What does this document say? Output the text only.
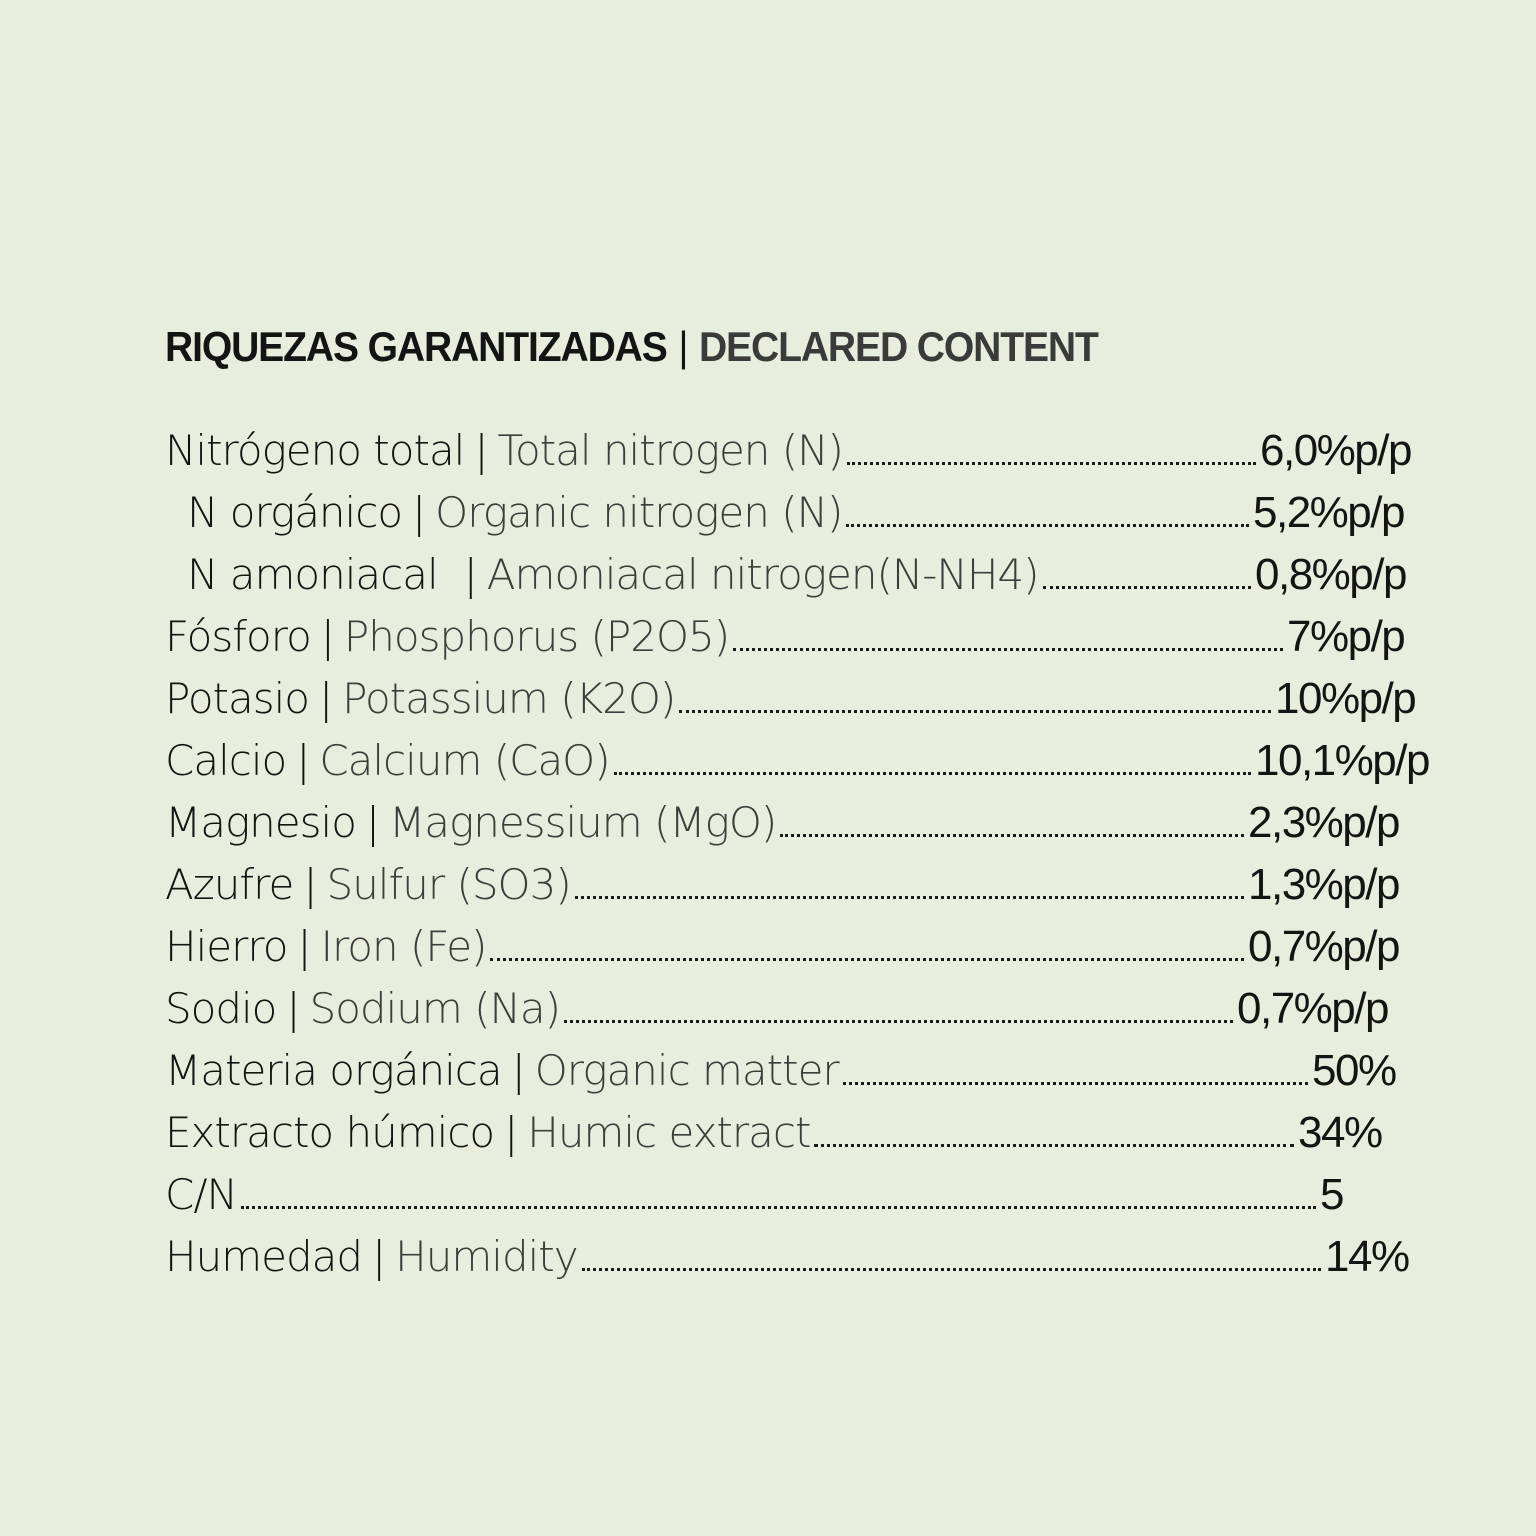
RIQUEZAS GARANTIZADAS | DECLARED CONTENT
Nitrógeno total | Total nitrogen (N)	6,0%p/p
N orgánico | Organic nitrogen (N)	5,2%p/p
N amoniacal | Amoniacal nitrogen(N-NH4)	0,8%p/p
Fósforo | Phosphorus (P2O5)	7%p/p
Potasio | Potassium (K2O)	10%p/p
Calcio | Calcium (CaO)	10,1%p/p
Magnesio | Magnessium (MgO)	2,3%p/p
Azufre | Sulfur (SO3)	1,3%p/p
Hierro | Iron (Fe)	0,7%p/p
Sodio | Sodium (Na)	0,7%p/p
Materia orgánica | Organic matter	50%
Extracto húmico | Humic extract	34%
C/N	5
Humedad | Humidity	14%
